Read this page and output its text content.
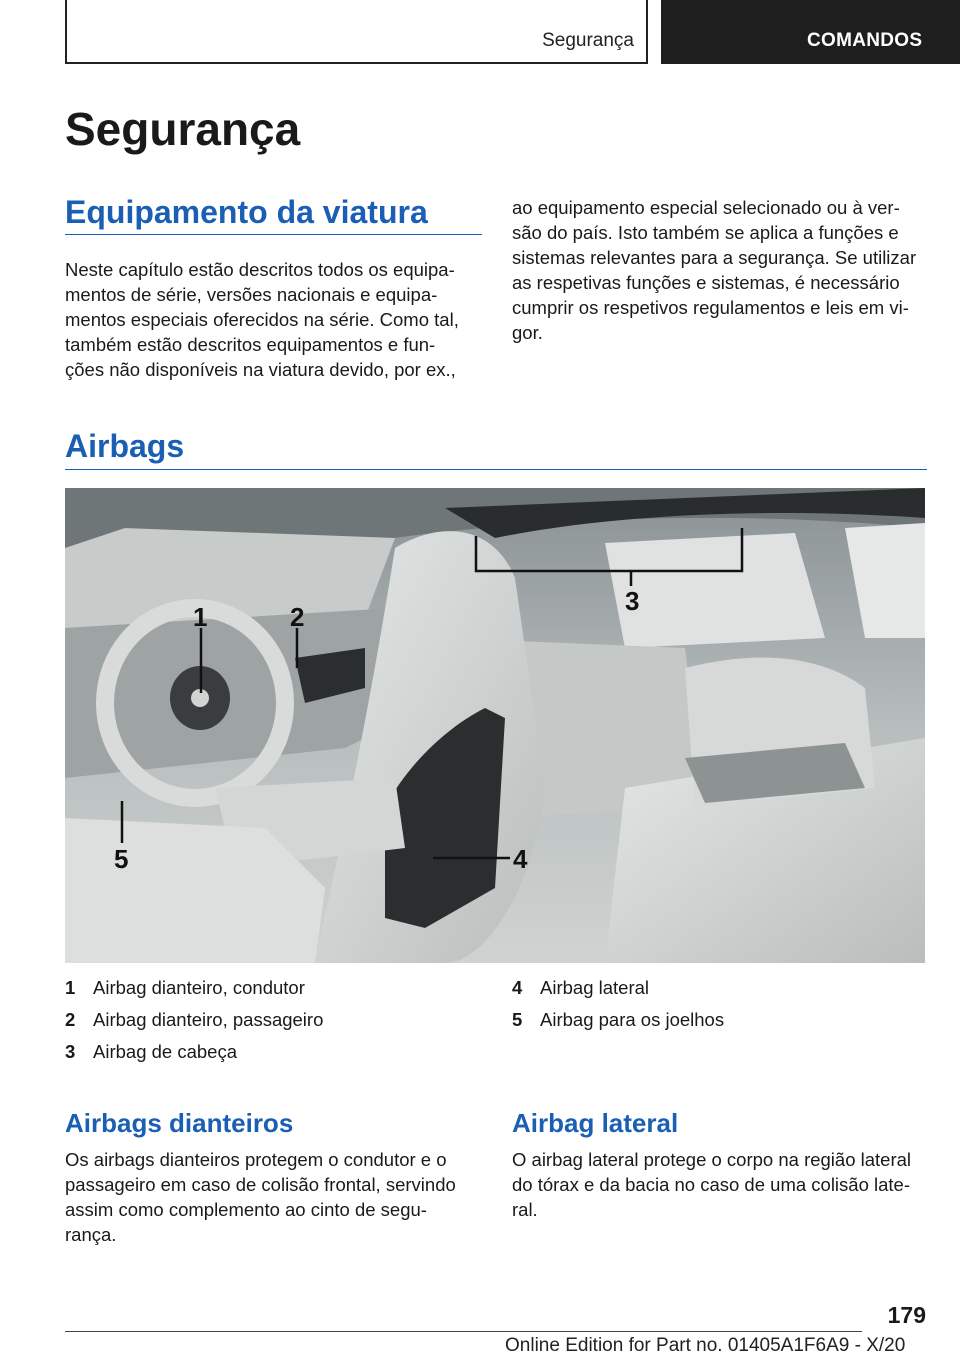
Segurança	COMANDOS
Segurança
Equipamento da viatura

Neste capítulo estão descritos todos os equipa‐

mentos de série, versões nacionais e equipa‐

mentos especiais oferecidos na série. Como tal,

também estão descritos equipamentos e fun‐

ções não disponíveis na viatura devido, por ex.,

ao equipamento especial selecionado ou à ver‐

são do país. Isto também se aplica a funções e

sistemas relevantes para a segurança. Se utilizar

as respetivas funções e sistemas, é necessário

cumprir os respetivos regulamentos e leis em vi‐

gor.

Airbags
1	2
3
4
5
1 Airbag dianteiro, condutor
2 Airbag dianteiro, passageiro
3 Airbag de cabeça
4 Airbag lateral
5 Airbag para os joelhos
Airbags dianteiros

Os airbags dianteiros protegem o condutor e o

passageiro em caso de colisão frontal, servindo

assim como complemento ao cinto de segu‐

rança.

Airbag lateral

O airbag lateral protege o corpo na região lateral

do tórax e da bacia no caso de uma colisão late‐

ral.

179
Online Edition for Part no. 01405A1F6A9 - X/20
